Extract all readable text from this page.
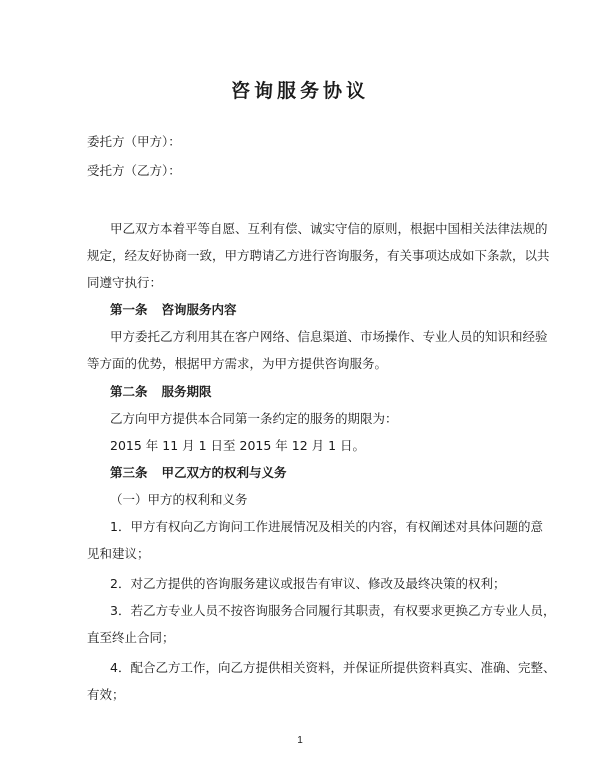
咨询服务协议
委托方（甲方）：
受托方（乙方）：
甲乙双方本着平等自愿、互利有偿、诚实守信的原则，根据中国相关法律法规的
规定，经友好协商一致，甲方聘请乙方进行咨询服务，有关事项达成如下条款，以共
同遵守执行：
第一条 咨询服务内容
甲方委托乙方利用其在客户网络、信息渠道、市场操作、专业人员的知识和经验
等方面的优势，根据甲方需求，为甲方提供咨询服务。
第二条 服务期限
乙方向甲方提供本合同第一条约定的服务的期限为：
2015 年 11 月 1 日至 2015 年 12 月 1 日。
第三条 甲乙双方的权利与义务
（一）甲方的权利和义务
1．甲方有权向乙方询问工作进展情况及相关的内容，有权阐述对具体问题的意
见和建议；
2．对乙方提供的咨询服务建议或报告有审议、修改及最终决策的权利；
3．若乙方专业人员不按咨询服务合同履行其职责，有权要求更换乙方专业人员，
直至终止合同；
4．配合乙方工作，向乙方提供相关资料，并保证所提供资料真实、准确、完整、
有效；
1
